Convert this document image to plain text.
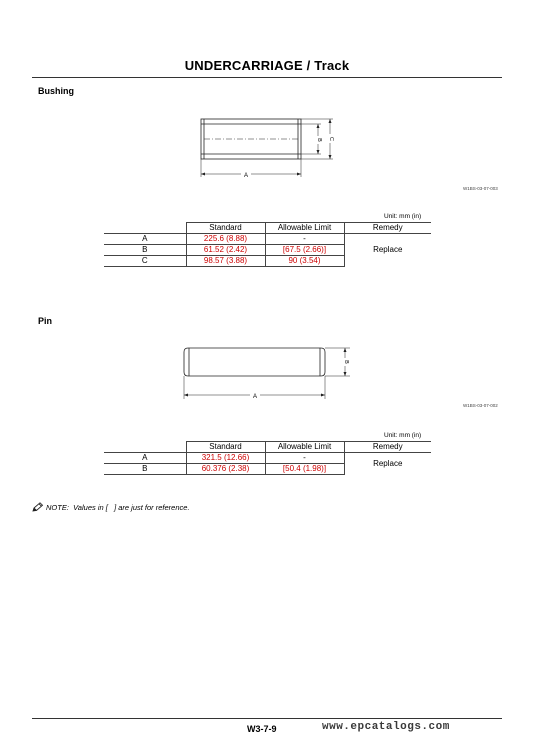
UNDERCARRIAGE / Track
Bushing
A
B C
W1BS-03-07-003
Unit: mm (in)
	Standard	Allowable Limit	Remedy
A	225.6 (8.88)	-	Replace
B	61.52 (2.42)	[67.5 (2.66)]	
C	98.57 (3.88)	90 (3.54)	
Pin
A
B
W1BS-03-07-002
Unit: mm (in)
	Standard	Allowable Limit	Remedy
A	321.5 (12.66)	-	Replace
B	60.376 (2.38)	[50.4 (1.98)]	
NOTE:  Values in [   ] are just for reference.
W3-7-9	www.epcatalogs.com
